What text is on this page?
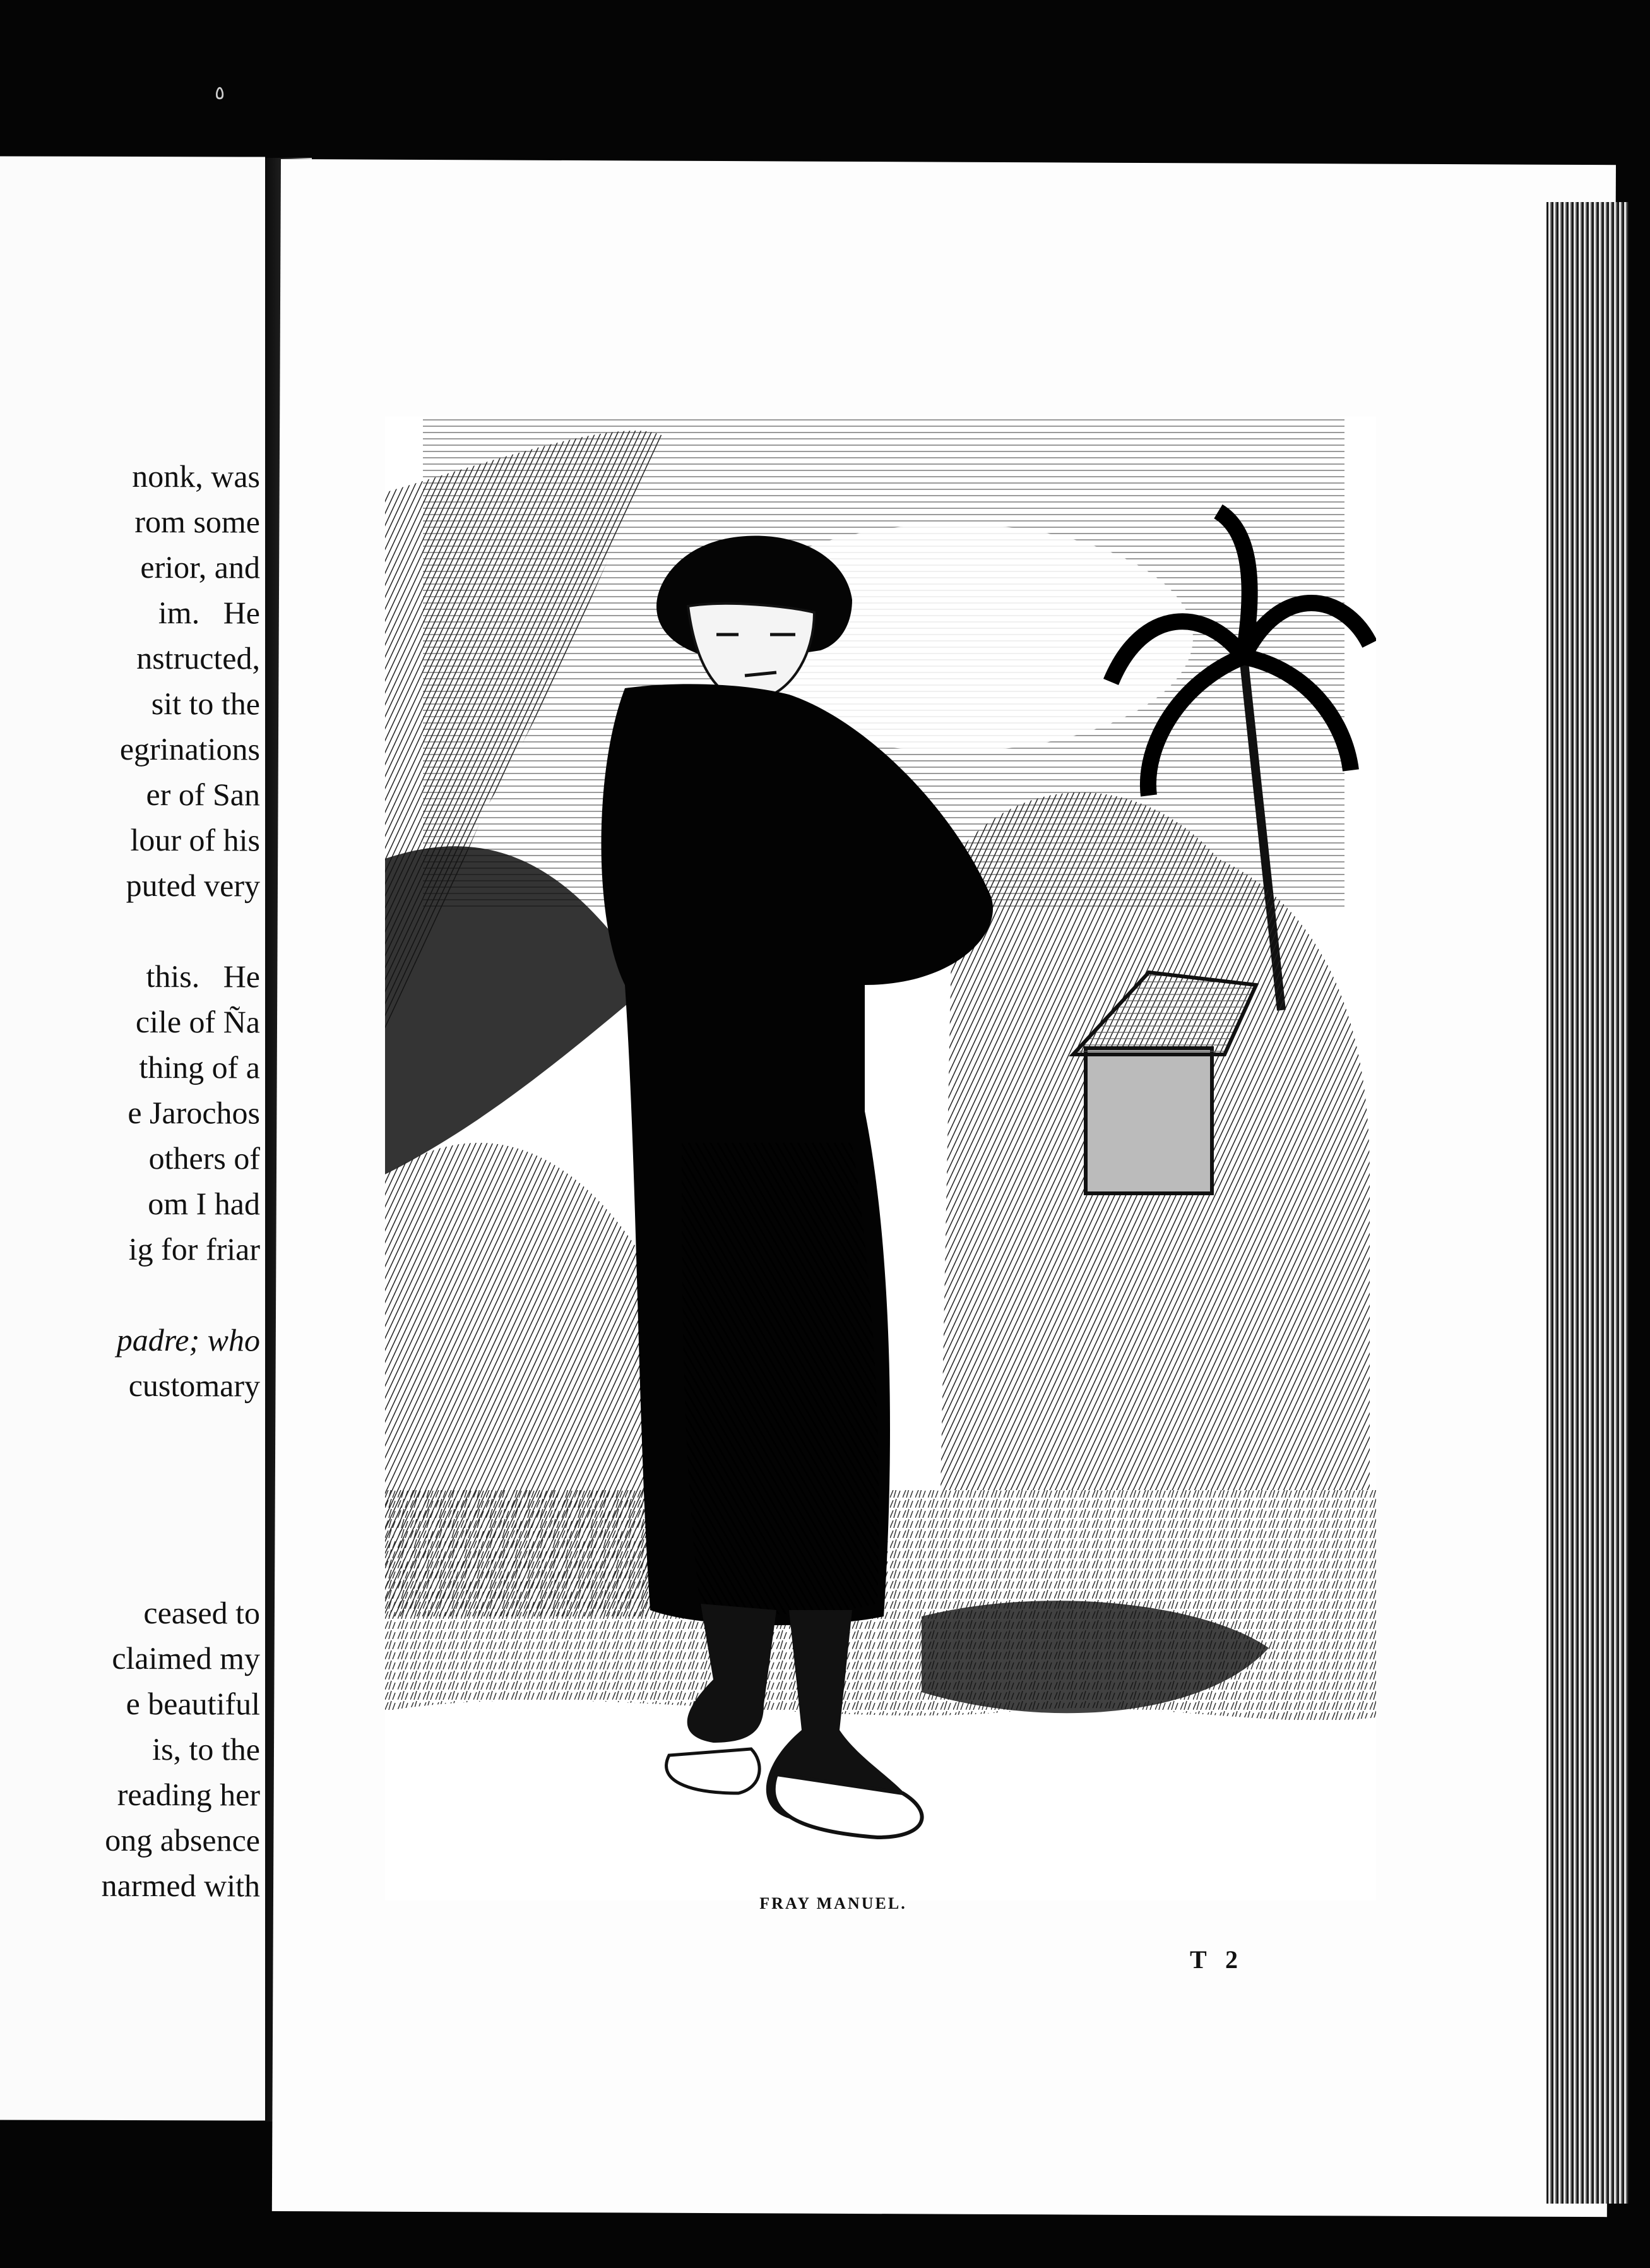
٥
nonk, was
rom some
erior, and
im.   He
nstructed,
sit to the
egrinations
er of San
lour of his
puted very
this.   He
cile of Ña
thing of a
e Jarochos
others of
om I had
ig for friar
padre; who
customary
ceased to
claimed my
e beautiful
is, to the
reading her
ong absence
narmed with	FRAY MANUEL.
T 2
